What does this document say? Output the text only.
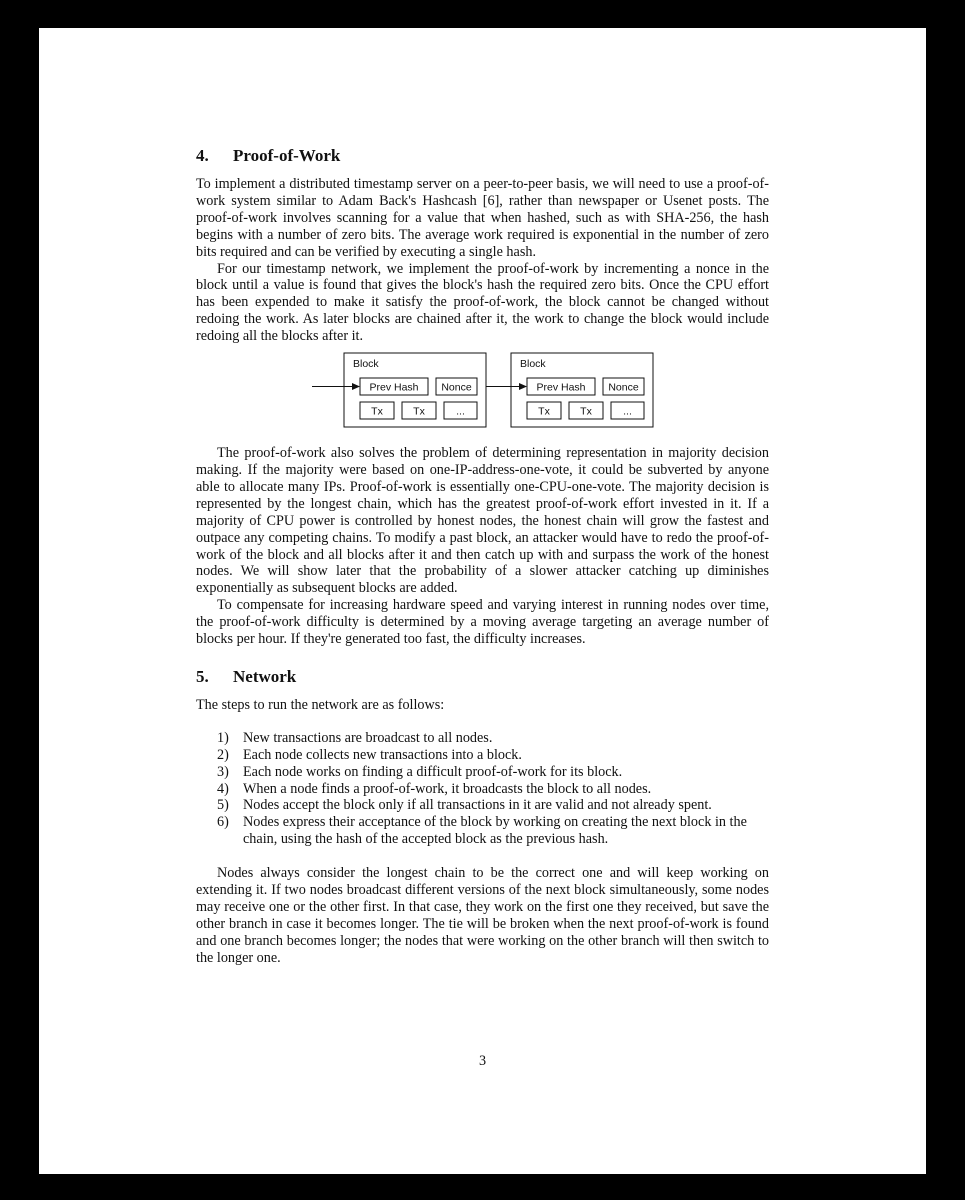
4. Proof-of-Work

To implement a distributed timestamp server on a peer-to-peer basis, we will need to use a proof-of-work system similar to Adam Back's Hashcash [6], rather than newspaper or Usenet posts. The proof-of-work involves scanning for a value that when hashed, such as with SHA-256, the hash begins with a number of zero bits. The average work required is exponential in the number of zero bits required and can be verified by executing a single hash.

For our timestamp network, we implement the proof-of-work by incrementing a nonce in the block until a value is found that gives the block's hash the required zero bits. Once the CPU effort has been expended to make it satisfy the proof-of-work, the block cannot be changed without redoing the work. As later blocks are chained after it, the work to change the block would include redoing all the blocks after it.

Block
Prev Hash Nonce
Tx	Tx	...
Block
Prev Hash Nonce
Tx	Tx	...

The proof-of-work also solves the problem of determining representation in majority decision making. If the majority were based on one-IP-address-one-vote, it could be subverted by anyone able to allocate many IPs. Proof-of-work is essentially one-CPU-one-vote. The majority decision is represented by the longest chain, which has the greatest proof-of-work effort invested in it. If a majority of CPU power is controlled by honest nodes, the honest chain will grow the fastest and outpace any competing chains. To modify a past block, an attacker would have to redo the proof-of-work of the block and all blocks after it and then catch up with and surpass the work of the honest nodes. We will show later that the probability of a slower attacker catching up diminishes exponentially as subsequent blocks are added.

To compensate for increasing hardware speed and varying interest in running nodes over time, the proof-of-work difficulty is determined by a moving average targeting an average number of blocks per hour. If they're generated too fast, the difficulty increases.

5. Network

The steps to run the network are as follows:

1) New transactions are broadcast to all nodes.
2) Each node collects new transactions into a block.
3) Each node works on finding a difficult proof-of-work for its block.
4) When a node finds a proof-of-work, it broadcasts the block to all nodes.
5) Nodes accept the block only if all transactions in it are valid and not already spent.
6) Nodes express their acceptance of the block by working on creating the next block in the chain, using the hash of the accepted block as the previous hash.

Nodes always consider the longest chain to be the correct one and will keep working on extending it. If two nodes broadcast different versions of the next block simultaneously, some nodes may receive one or the other first. In that case, they work on the first one they received, but save the other branch in case it becomes longer. The tie will be broken when the next proof-of-work is found and one branch becomes longer; the nodes that were working on the other branch will then switch to the longer one.

3
